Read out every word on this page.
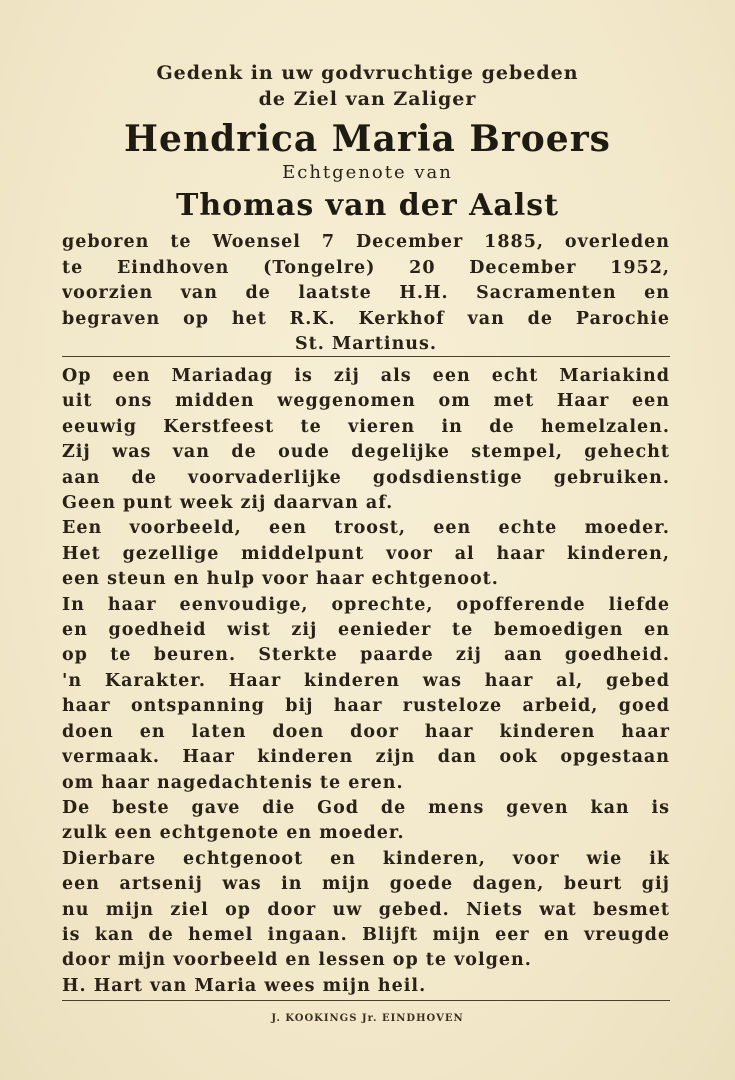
Gedenk in uw godvruchtige gebeden
de Ziel van Zaliger
Hendrica Maria Broers
Echtgenote van
Thomas van der Aalst
geboren te Woensel 7 December 1885, overleden
te Eindhoven (Tongelre) 20 December 1952,
voorzien van de laatste H.H. Sacramenten en
begraven op het R.K. Kerkhof van de Parochie
St. Martinus.
Op een Mariadag is zij als een echt Mariakind
uit ons midden weggenomen om met Haar een
eeuwig Kerstfeest te vieren in de hemelzalen.
Zij was van de oude degelijke stempel, gehecht
aan de voorvaderlijke godsdienstige gebruiken.
Geen punt week zij daarvan af.
Een voorbeeld, een troost, een echte moeder.
Het gezellige middelpunt voor al haar kinderen,
een steun en hulp voor haar echtgenoot.
In haar eenvoudige, oprechte, opofferende liefde
en goedheid wist zij eenieder te bemoedigen en
op te beuren. Sterkte paarde zij aan goedheid.
'n Karakter. Haar kinderen was haar al, gebed
haar ontspanning bij haar rusteloze arbeid, goed
doen en laten doen door haar kinderen haar
vermaak. Haar kinderen zijn dan ook opgestaan
om haar nagedachtenis te eren.
De beste gave die God de mens geven kan is
zulk een echtgenote en moeder.
Dierbare echtgenoot en kinderen, voor wie ik
een artsenij was in mijn goede dagen, beurt gij
nu mijn ziel op door uw gebed. Niets wat besmet
is kan de hemel ingaan. Blijft mijn eer en vreugde
door mijn voorbeeld en lessen op te volgen.
H. Hart van Maria wees mijn heil.
J. KOOKINGS Jr. EINDHOVEN
